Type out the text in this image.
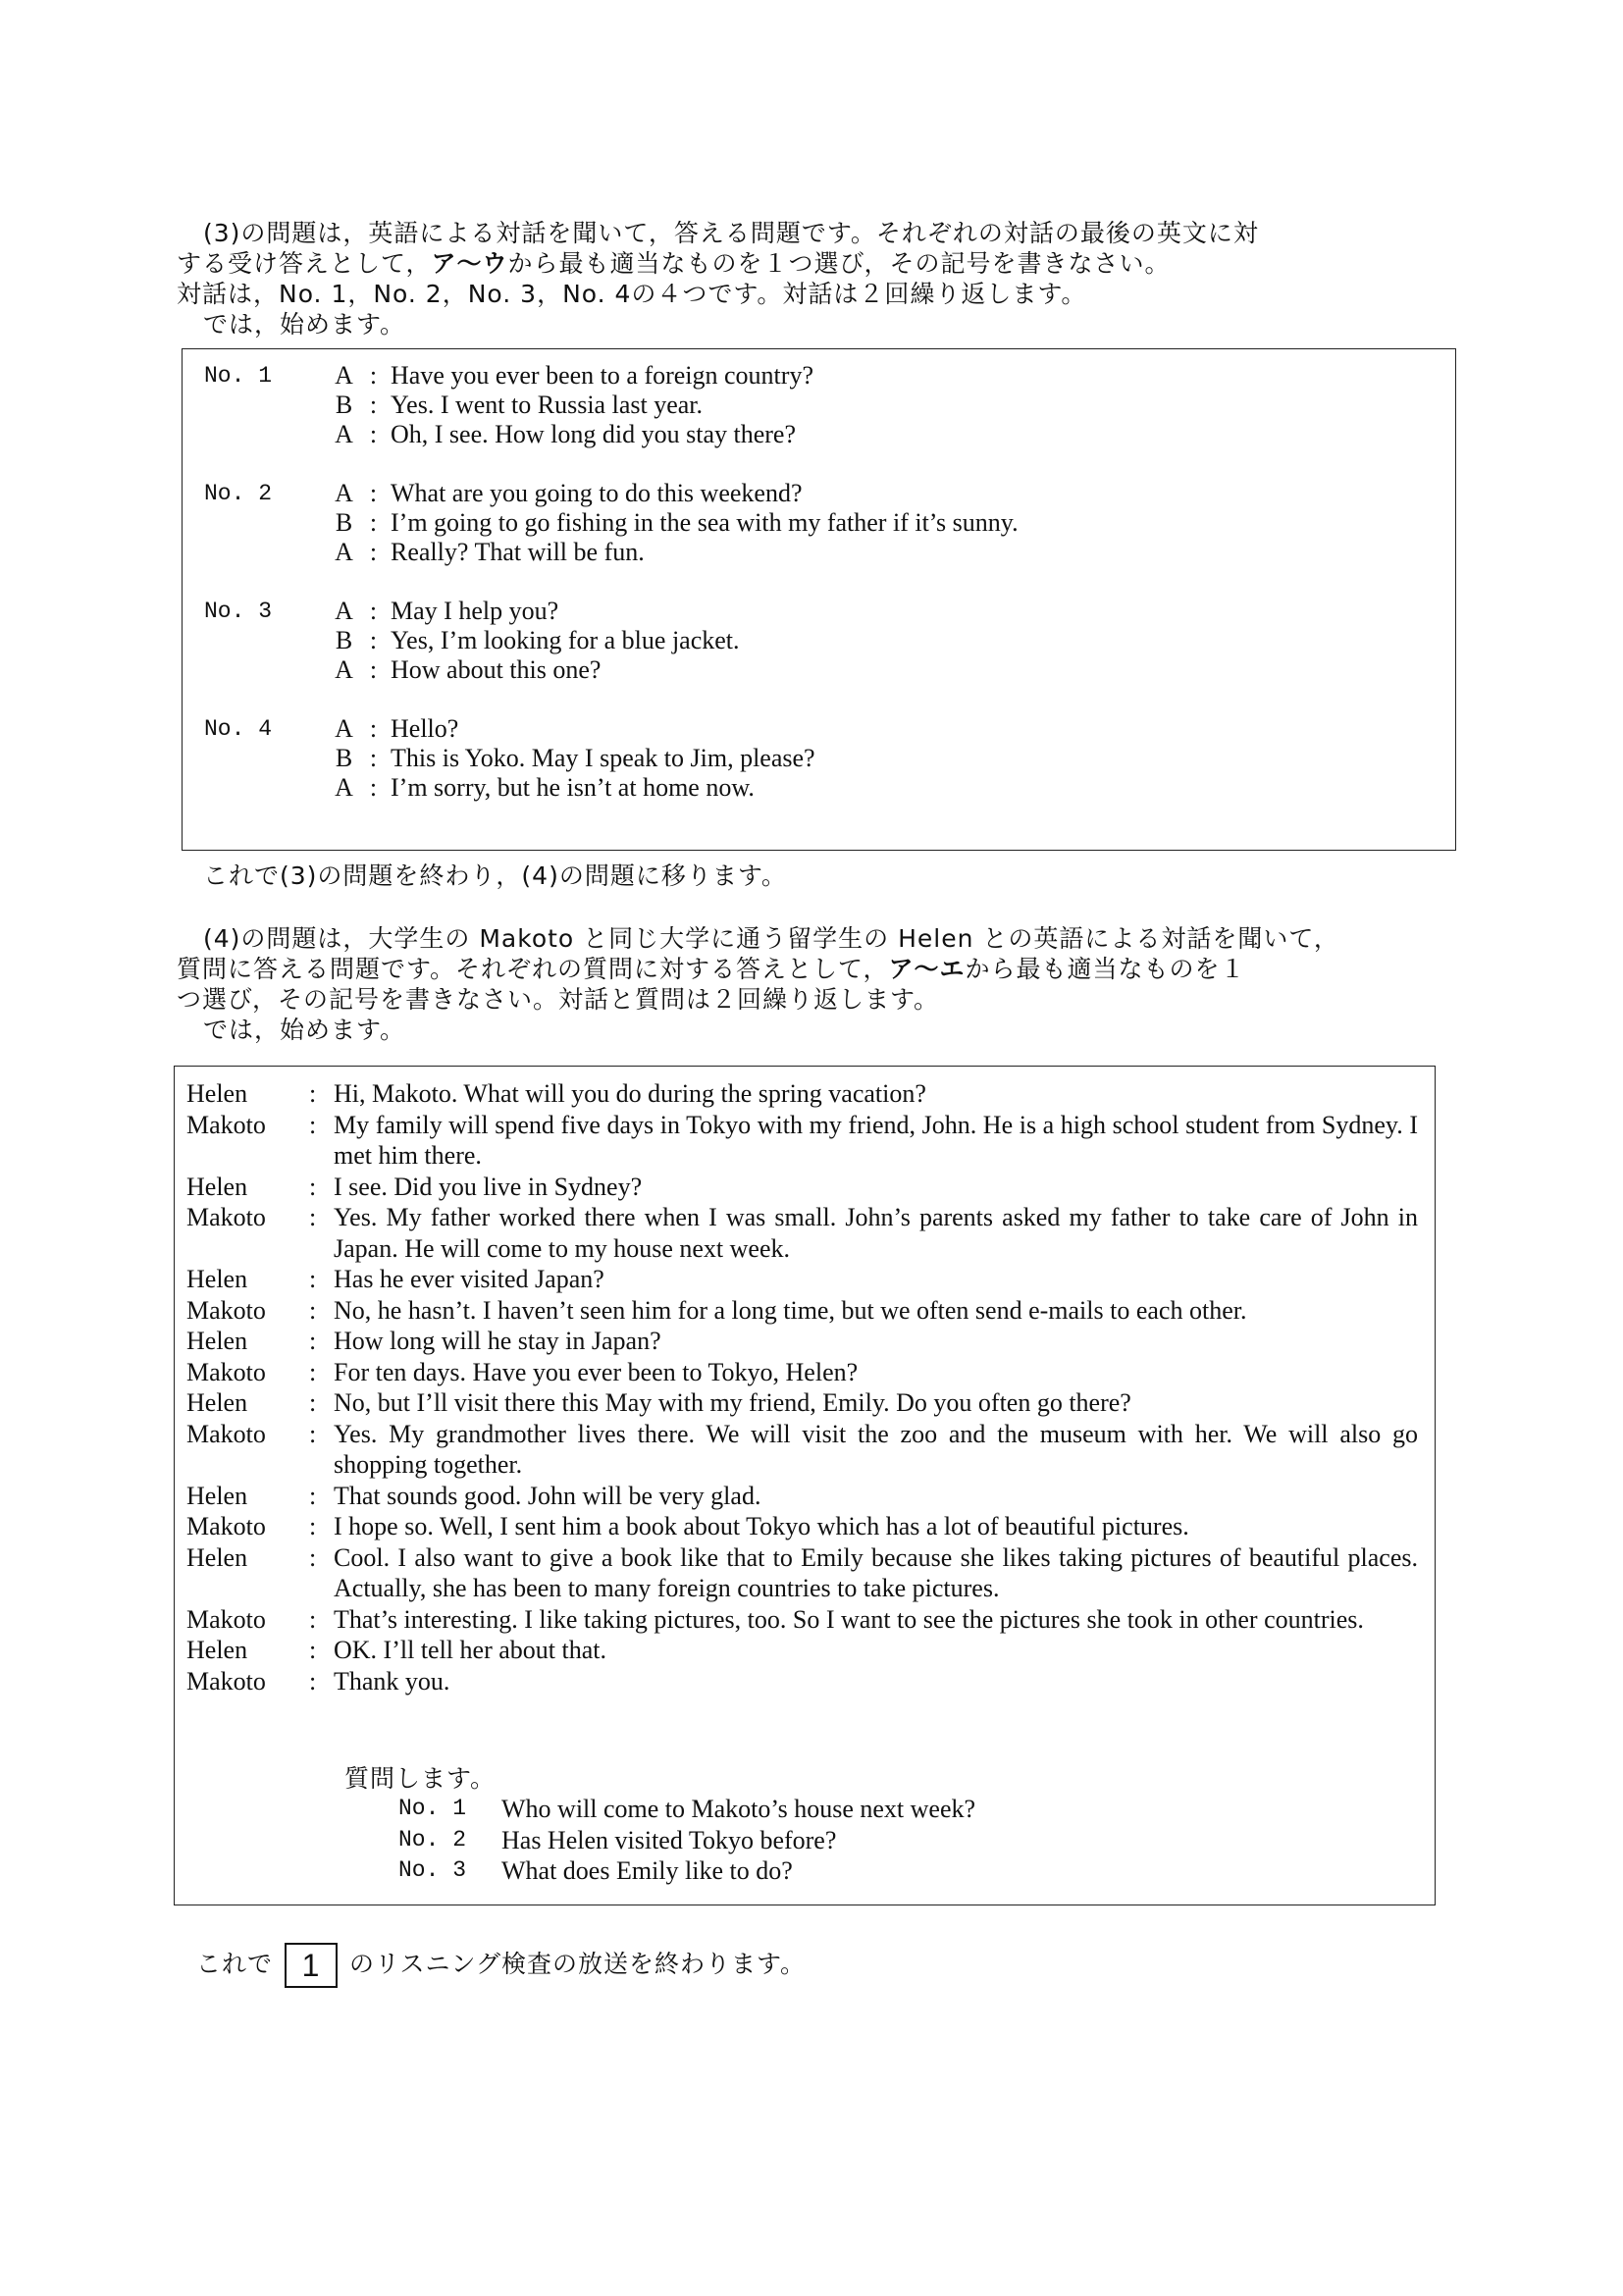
(3)の問題は，英語による対話を聞いて，答える問題です。それぞれの対話の最後の英文に対

する受け答えとして，ア～ウから最も適当なものを１つ選び，その記号を書きなさい。

対話は，No. 1，No. 2，No. 3，No. 4の４つです。対話は２回繰り返します。

では，始めます。

No. 1	A : Have you ever been to a foreign country?
B : Yes. I went to Russia last year.
A : Oh, I see. How long did you stay there?
No. 2	A : What are you going to do this weekend?
B : I’m going to go fishing in the sea with my father if it’s sunny.
A : Really? That will be fun.
No. 3	A : May I help you?
B : Yes, I’m looking for a blue jacket.
A : How about this one?
No. 4	A : Hello?
B : This is Yoko. May I speak to Jim, please?
A : I’m sorry, but he isn’t at home now.

これで(3)の問題を終わり，(4)の問題に移ります。

(4)の問題は，大学生の Makoto と同じ大学に通う留学生の Helen との英語による対話を聞いて，

質問に答える問題です。それぞれの質問に対する答えとして，ア～エから最も適当なものを１

つ選び，その記号を書きなさい。対話と質問は２回繰り返します。

では，始めます。

Helen	: Hi, Makoto. What will you do during the spring vacation?
Makoto	: My family will spend five days in Tokyo with my friend, John. He is a high school student from Sydney. I met him there.
Helen	: I see. Did you live in Sydney?
Makoto	: Yes. My father worked there when I was small. John’s parents asked my father to take care of John in Japan. He will come to my house next week.
Helen	: Has he ever visited Japan?
Makoto	: No, he hasn’t. I haven’t seen him for a long time, but we often send e-mails to each other.
Helen	: How long will he stay in Japan?
Makoto	: For ten days. Have you ever been to Tokyo, Helen?
Helen	: No, but I’ll visit there this May with my friend, Emily. Do you often go there?
Makoto	: Yes. My grandmother lives there. We will visit the zoo and the museum with her. We will also go shopping together.
Helen	: That sounds good. John will be very glad.
Makoto	: I hope so. Well, I sent him a book about Tokyo which has a lot of beautiful pictures.
Helen	: Cool. I also want to give a book like that to Emily because she likes taking pictures of beautiful places. Actually, she has been to many foreign countries to take pictures.
Makoto	: That’s interesting. I like taking pictures, too. So I want to see the pictures she took in other countries.
Helen	: OK. I’ll tell her about that.
Makoto	: Thank you.
質問します。
No. 1	Who will come to Makoto’s house next week?
No. 2	Has Helen visited Tokyo before?
No. 3	What does Emily like to do?
これで 1 のリスニング検査の放送を終わります。
